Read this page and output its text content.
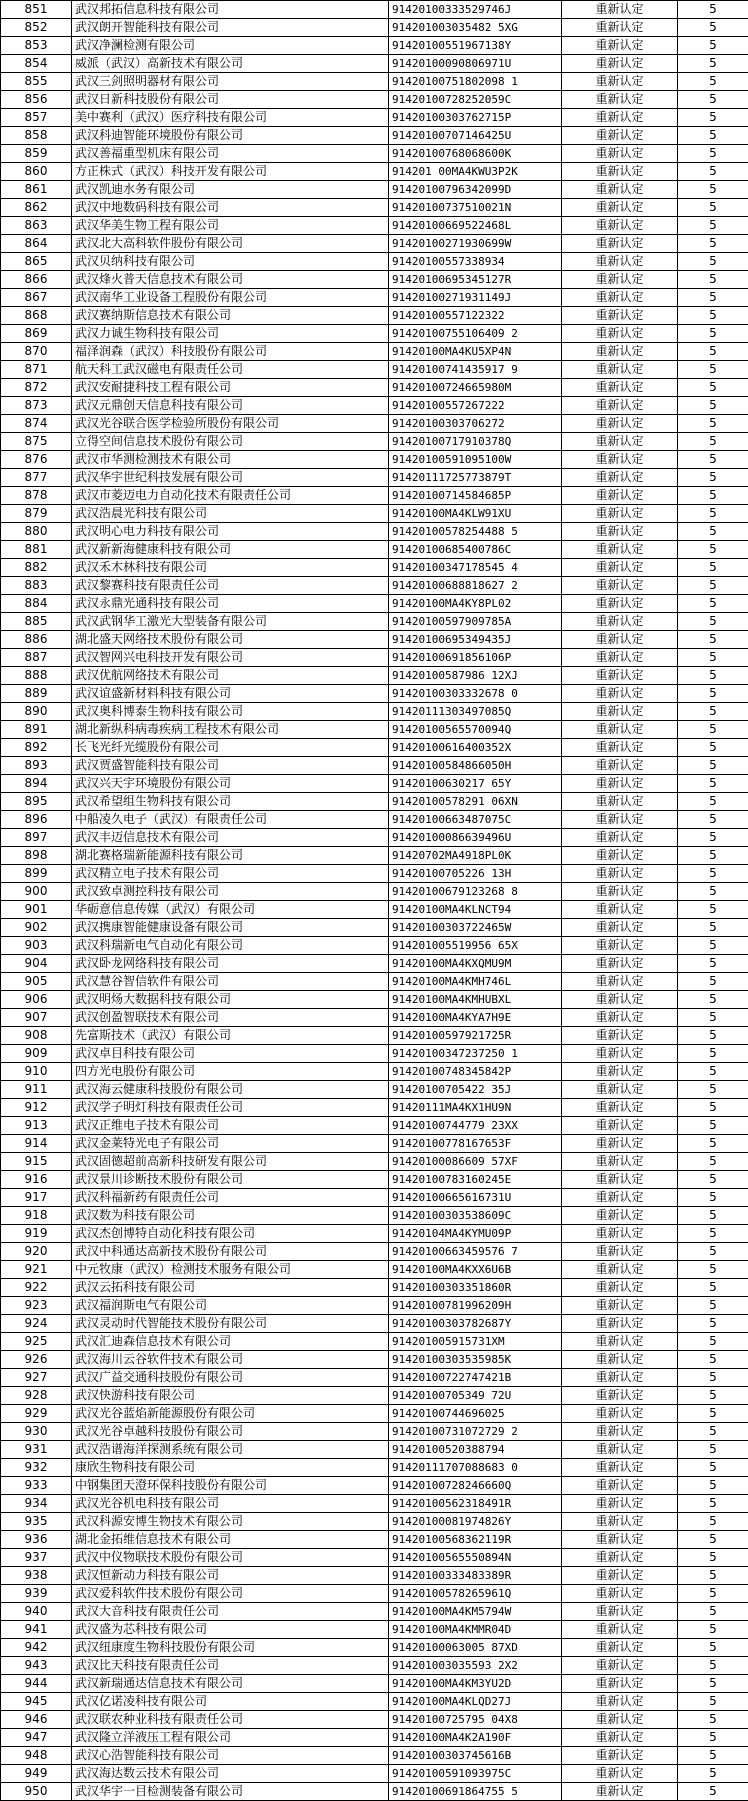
851	武汉邦拓信息科技有限公司	91420100333529746J	重新认定	5
852	武汉朗开智能科技有限公司	914201003035482 5XG	重新认定	5
853	武汉净澜检测有限公司	91420100551967138Y	重新认定	5
854	威派（武汉）高新技术有限公司	91420100090806971U	重新认定	5
855	武汉三剑照明器材有限公司	91420100751802098 1	重新认定	5
856	武汉日新科技股份有限公司	91420100728252059C	重新认定	5
857	美中赛利（武汉）医疗科技有限公司	91420100303762715P	重新认定	5
858	武汉科迪智能环境股份有限公司	91420100707146425U	重新认定	5
859	武汉善福重型机床有限公司	91420100768068600K	重新认定	5
860	方正株式（武汉）科技开发有限公司	914201 00MA4KWU3P2K	重新认定	5
861	武汉凯迪水务有限公司	91420100796342099D	重新认定	5
862	武汉中地数码科技有限公司	91420100737510021N	重新认定	5
863	武汉华美生物工程有限公司	91420100669522468L	重新认定	5
864	武汉北大高科软件股份有限公司	91420100271930699W	重新认定	5
865	武汉贝纳科技有限公司	91420100557338934	重新认定	5
866	武汉烽火普天信息技术有限公司	91420100695345127R	重新认定	5
867	武汉南华工业设备工程股份有限公司	91420100271931149J	重新认定	5
868	武汉赛纳斯信息技术有限公司	91420100557122322	重新认定	5
869	武汉力诚生物科技有限公司	91420100755106409 2	重新认定	5
870	福泽润森（武汉）科技股份有限公司	91420100MA4KU5XP4N	重新认定	5
871	航天科工武汉磁电有限责任公司	91420100741435917 9	重新认定	5
872	武汉安耐捷科技工程有限公司	91420100724665980M	重新认定	5
873	武汉元鼎创天信息科技有限公司	91420100557267222	重新认定	5
874	武汉光谷联合医学检验所股份有限公司	91420100303706272	重新认定	5
875	立得空间信息技术股份有限公司	91420100717910378Q	重新认定	5
876	武汉市华测检测技术有限公司	91420100591095100W	重新认定	5
877	武汉华宇世纪科技发展有限公司	91420111725773879T	重新认定	5
878	武汉市菱迈电力自动化技术有限责任公司	91420100714584685P	重新认定	5
879	武汉浩晨光科技有限公司	91420100MA4KLW91XU	重新认定	5
880	武汉明心电力科技有限公司	91420100578254488 5	重新认定	5
881	武汉新新海健康科技有限公司	91420100685400786C	重新认定	5
882	武汉禾木林科技有限公司	91420100347178545 4	重新认定	5
883	武汉黎赛科技有限责任公司	91420100688818627 2	重新认定	5
884	武汉永鼎光通科技有限公司	91420100MA4KY8PL02	重新认定	5
885	武汉武钢华工激光大型装备有限公司	91420100597909785A	重新认定	5
886	湖北盛天网络技术股份有限公司	91420100695349435J	重新认定	5
887	武汉智网兴电科技开发有限公司	91420100691856106P	重新认定	5
888	武汉优航网络技术有限公司	91420100587986 12XJ	重新认定	5
889	武汉谊盛新材料科技有限公司	91420100303332678 0	重新认定	5
890	武汉奥科博泰生物科技有限公司	91420111303497085Q	重新认定	5
891	湖北新纵科病毒疾病工程技术有限公司	91420100565570094Q	重新认定	5
892	长飞光纤光缆股份有限公司	91420100616400352X	重新认定	5
893	武汉贾盛智能科技有限公司	91420100584866050H	重新认定	5
894	武汉兴天宇环境股份有限公司	91420100630217 65Y	重新认定	5
895	武汉希望组生物科技有限公司	91420100578291 06XN	重新认定	5
896	中船凌久电子（武汉）有限责任公司	91420100663487075C	重新认定	5
897	武汉丰迈信息技术有限公司	91420100086639496U	重新认定	5
898	湖北赛格瑞新能源科技有限公司	91420702MA4918PL0K	重新认定	5
899	武汉精立电子技术有限公司	91420100705226 13H	重新认定	5
900	武汉致卓测控科技有限公司	91420100679123268 8	重新认定	5
901	华砺意信息传媒（武汉）有限公司	91420100MA4KLNCT94	重新认定	5
902	武汉携康智能健康设备有限公司	91420100303722465W	重新认定	5
903	武汉科瑞新电气自动化有限公司	914201005519956 65X	重新认定	5
904	武汉卧龙网络科技有限公司	91420100MA4KXQMU9M	重新认定	5
905	武汉慧谷智信软件有限公司	91420100MA4KMH746L	重新认定	5
906	武汉明炀大数据科技有限公司	91420100MA4KMHUBXL	重新认定	5
907	武汉创盈智联技术有限公司	91420100MA4KYA7H9E	重新认定	5
908	先富斯技术（武汉）有限公司	91420100597921725R	重新认定	5
909	武汉卓目科技有限公司	91420100347237250 1	重新认定	5
910	四方光电股份有限公司	91420100748345842P	重新认定	5
911	武汉海云健康科技股份有限公司	91420100705422 35J	重新认定	5
912	武汉学子明灯科技有限责任公司	91420111MA4KX1HU9N	重新认定	5
913	武汉正维电子技术有限公司	91420100744779 23XX	重新认定	5
914	武汉金莱特光电子有限公司	91420100778167653F	重新认定	5
915	武汉固德超前高新科技研发有限公司	91420100086609 57XF	重新认定	5
916	武汉景川诊断技术股份有限公司	91420100783160245E	重新认定	5
917	武汉科福新药有限责任公司	91420100665616731U	重新认定	5
918	武汉数为科技有限公司	91420100303538609C	重新认定	5
919	武汉杰创博特自动化科技有限公司	91420104MA4KYMU09P	重新认定	5
920	武汉中科通达高新技术股份有限公司	91420100663459576 7	重新认定	5
921	中元牧康（武汉）检测技术服务有限公司	91420100MA4KXX6U6B	重新认定	5
922	武汉云拓科技有限公司	91420100303351860R	重新认定	5
923	武汉福润斯电气有限公司	91420100781996209H	重新认定	5
924	武汉灵动时代智能技术股份有限公司	91420100303782687Y	重新认定	5
925	武汉汇迪森信息技术有限公司	914201005915731XM	重新认定	5
926	武汉海川云谷软件技术有限公司	91420100303535985K	重新认定	5
927	武汉广益交通科技股份有限公司	91420100722747421B	重新认定	5
928	武汉快游科技有限公司	91420100705349 72U	重新认定	5
929	武汉光谷蓝焰新能源股份有限公司	91420100744696025	重新认定	5
930	武汉光谷卓越科技股份有限公司	91420100731072729 2	重新认定	5
931	武汉浩谱海洋探测系统有限公司	91420100520388794	重新认定	5
932	康欣生物科技有限公司	91420111707088683 0	重新认定	5
933	中钢集团天澄环保科技股份有限公司	91420100728246660Q	重新认定	5
934	武汉光谷机电科技有限公司	91420100562318491R	重新认定	5
935	武汉科源安博生物技术有限公司	91420100081974826Y	重新认定	5
936	湖北金拓维信息技术有限公司	91420100568362119R	重新认定	5
937	武汉中仪物联技术股份有限公司	91420100565550894N	重新认定	5
938	武汉恒新动力科技有限公司	91420100333483389R	重新认定	5
939	武汉爱科软件技术股份有限公司	91420100578265961Q	重新认定	5
940	武汉大音科技有限责任公司	91420100MA4KM5794W	重新认定	5
941	武汉盛为芯科技有限公司	91420100MA4KMMR04D	重新认定	5
942	武汉纽康度生物科技股份有限公司	91420100063005 87XD	重新认定	5
943	武汉比天科技有限责任公司	914201003035593 2X2	重新认定	5
944	武汉新瑞通达信息技术有限公司	91420100MA4KM3YU2D	重新认定	5
945	武汉亿诺凌科技有限公司	91420100MA4KLQD27J	重新认定	5
946	武汉联农种业科技有限责任公司	91420100725795 04X8	重新认定	5
947	武汉隆立洋液压工程有限公司	91420100MA4K2A190F	重新认定	5
948	武汉心浩智能科技有限公司	91420100303745616B	重新认定	5
949	武汉海达数云技术有限公司	91420100591093975C	重新认定	5
950	武汉华宇一目检测装备有限公司	91420100691864755 5	重新认定	5
